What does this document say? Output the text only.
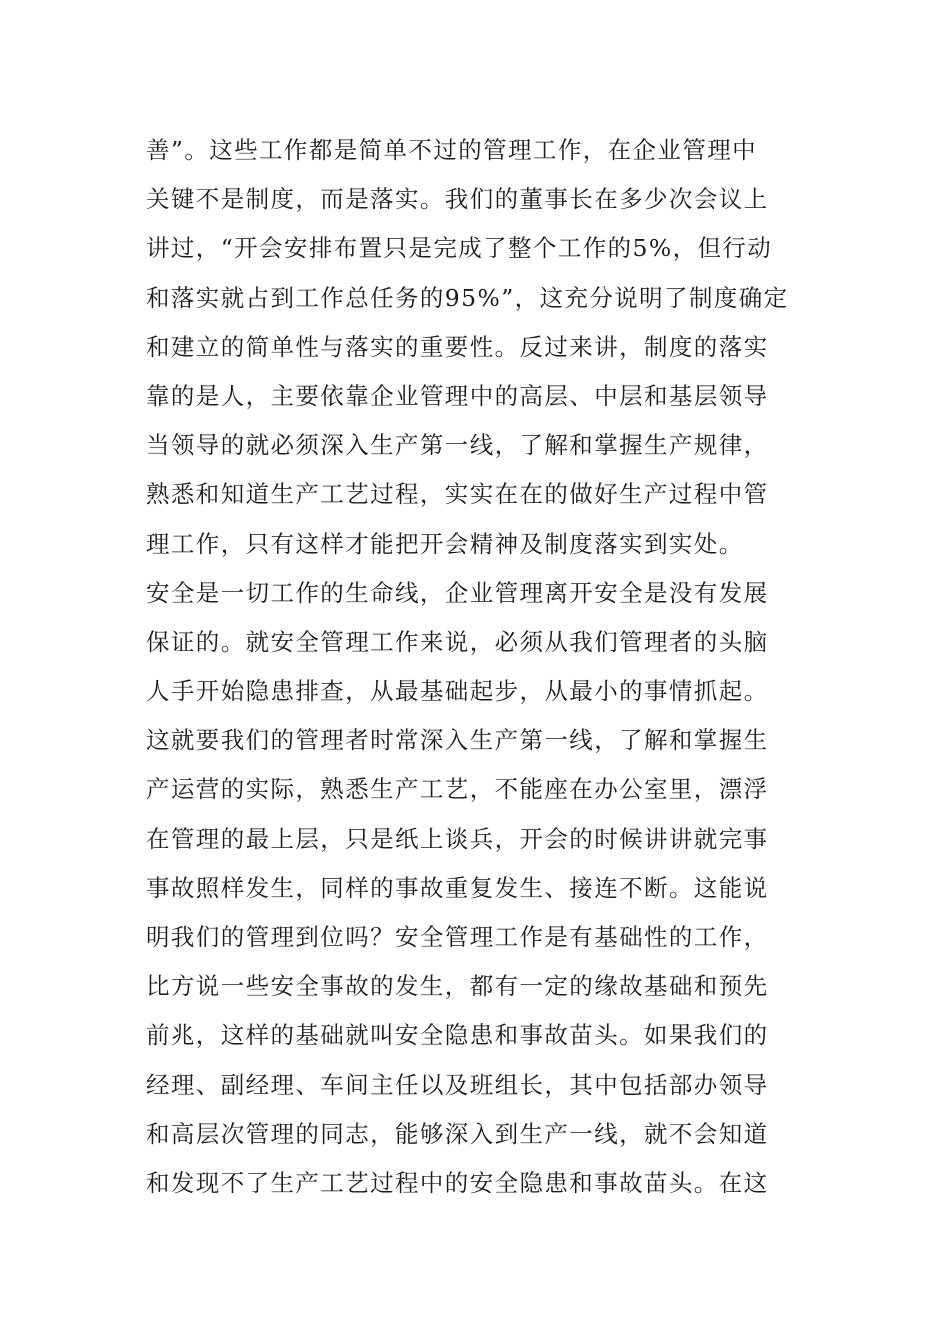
善”。这些工作都是简单不过的管理工作，在企业管理中
关键不是制度，而是落实。我们的董事长在多少次会议上
讲过，“开会安排布置只是完成了整个工作的5%，但行动
和落实就占到工作总任务的95%”，这充分说明了制度确定
和建立的简单性与落实的重要性。反过来讲，制度的落实
靠的是人，主要依靠企业管理中的高层、中层和基层领导
当领导的就必须深入生产第一线，了解和掌握生产规律，
熟悉和知道生产工艺过程，实实在在的做好生产过程中管
理工作，只有这样才能把开会精神及制度落实到实处。
安全是一切工作的生命线，企业管理离开安全是没有发展
保证的。就安全管理工作来说，必须从我们管理者的头脑
人手开始隐患排查，从最基础起步，从最小的事情抓起。
这就要我们的管理者时常深入生产第一线，了解和掌握生
产运营的实际，熟悉生产工艺，不能座在办公室里，漂浮
在管理的最上层，只是纸上谈兵，开会的时候讲讲就完事
事故照样发生，同样的事故重复发生、接连不断。这能说
明我们的管理到位吗？安全管理工作是有基础性的工作，
比方说一些安全事故的发生，都有一定的缘故基础和预先
前兆，这样的基础就叫安全隐患和事故苗头。如果我们的
经理、副经理、车间主任以及班组长，其中包括部办领导
和高层次管理的同志，能够深入到生产一线，就不会知道
和发现不了生产工艺过程中的安全隐患和事故苗头。在这
